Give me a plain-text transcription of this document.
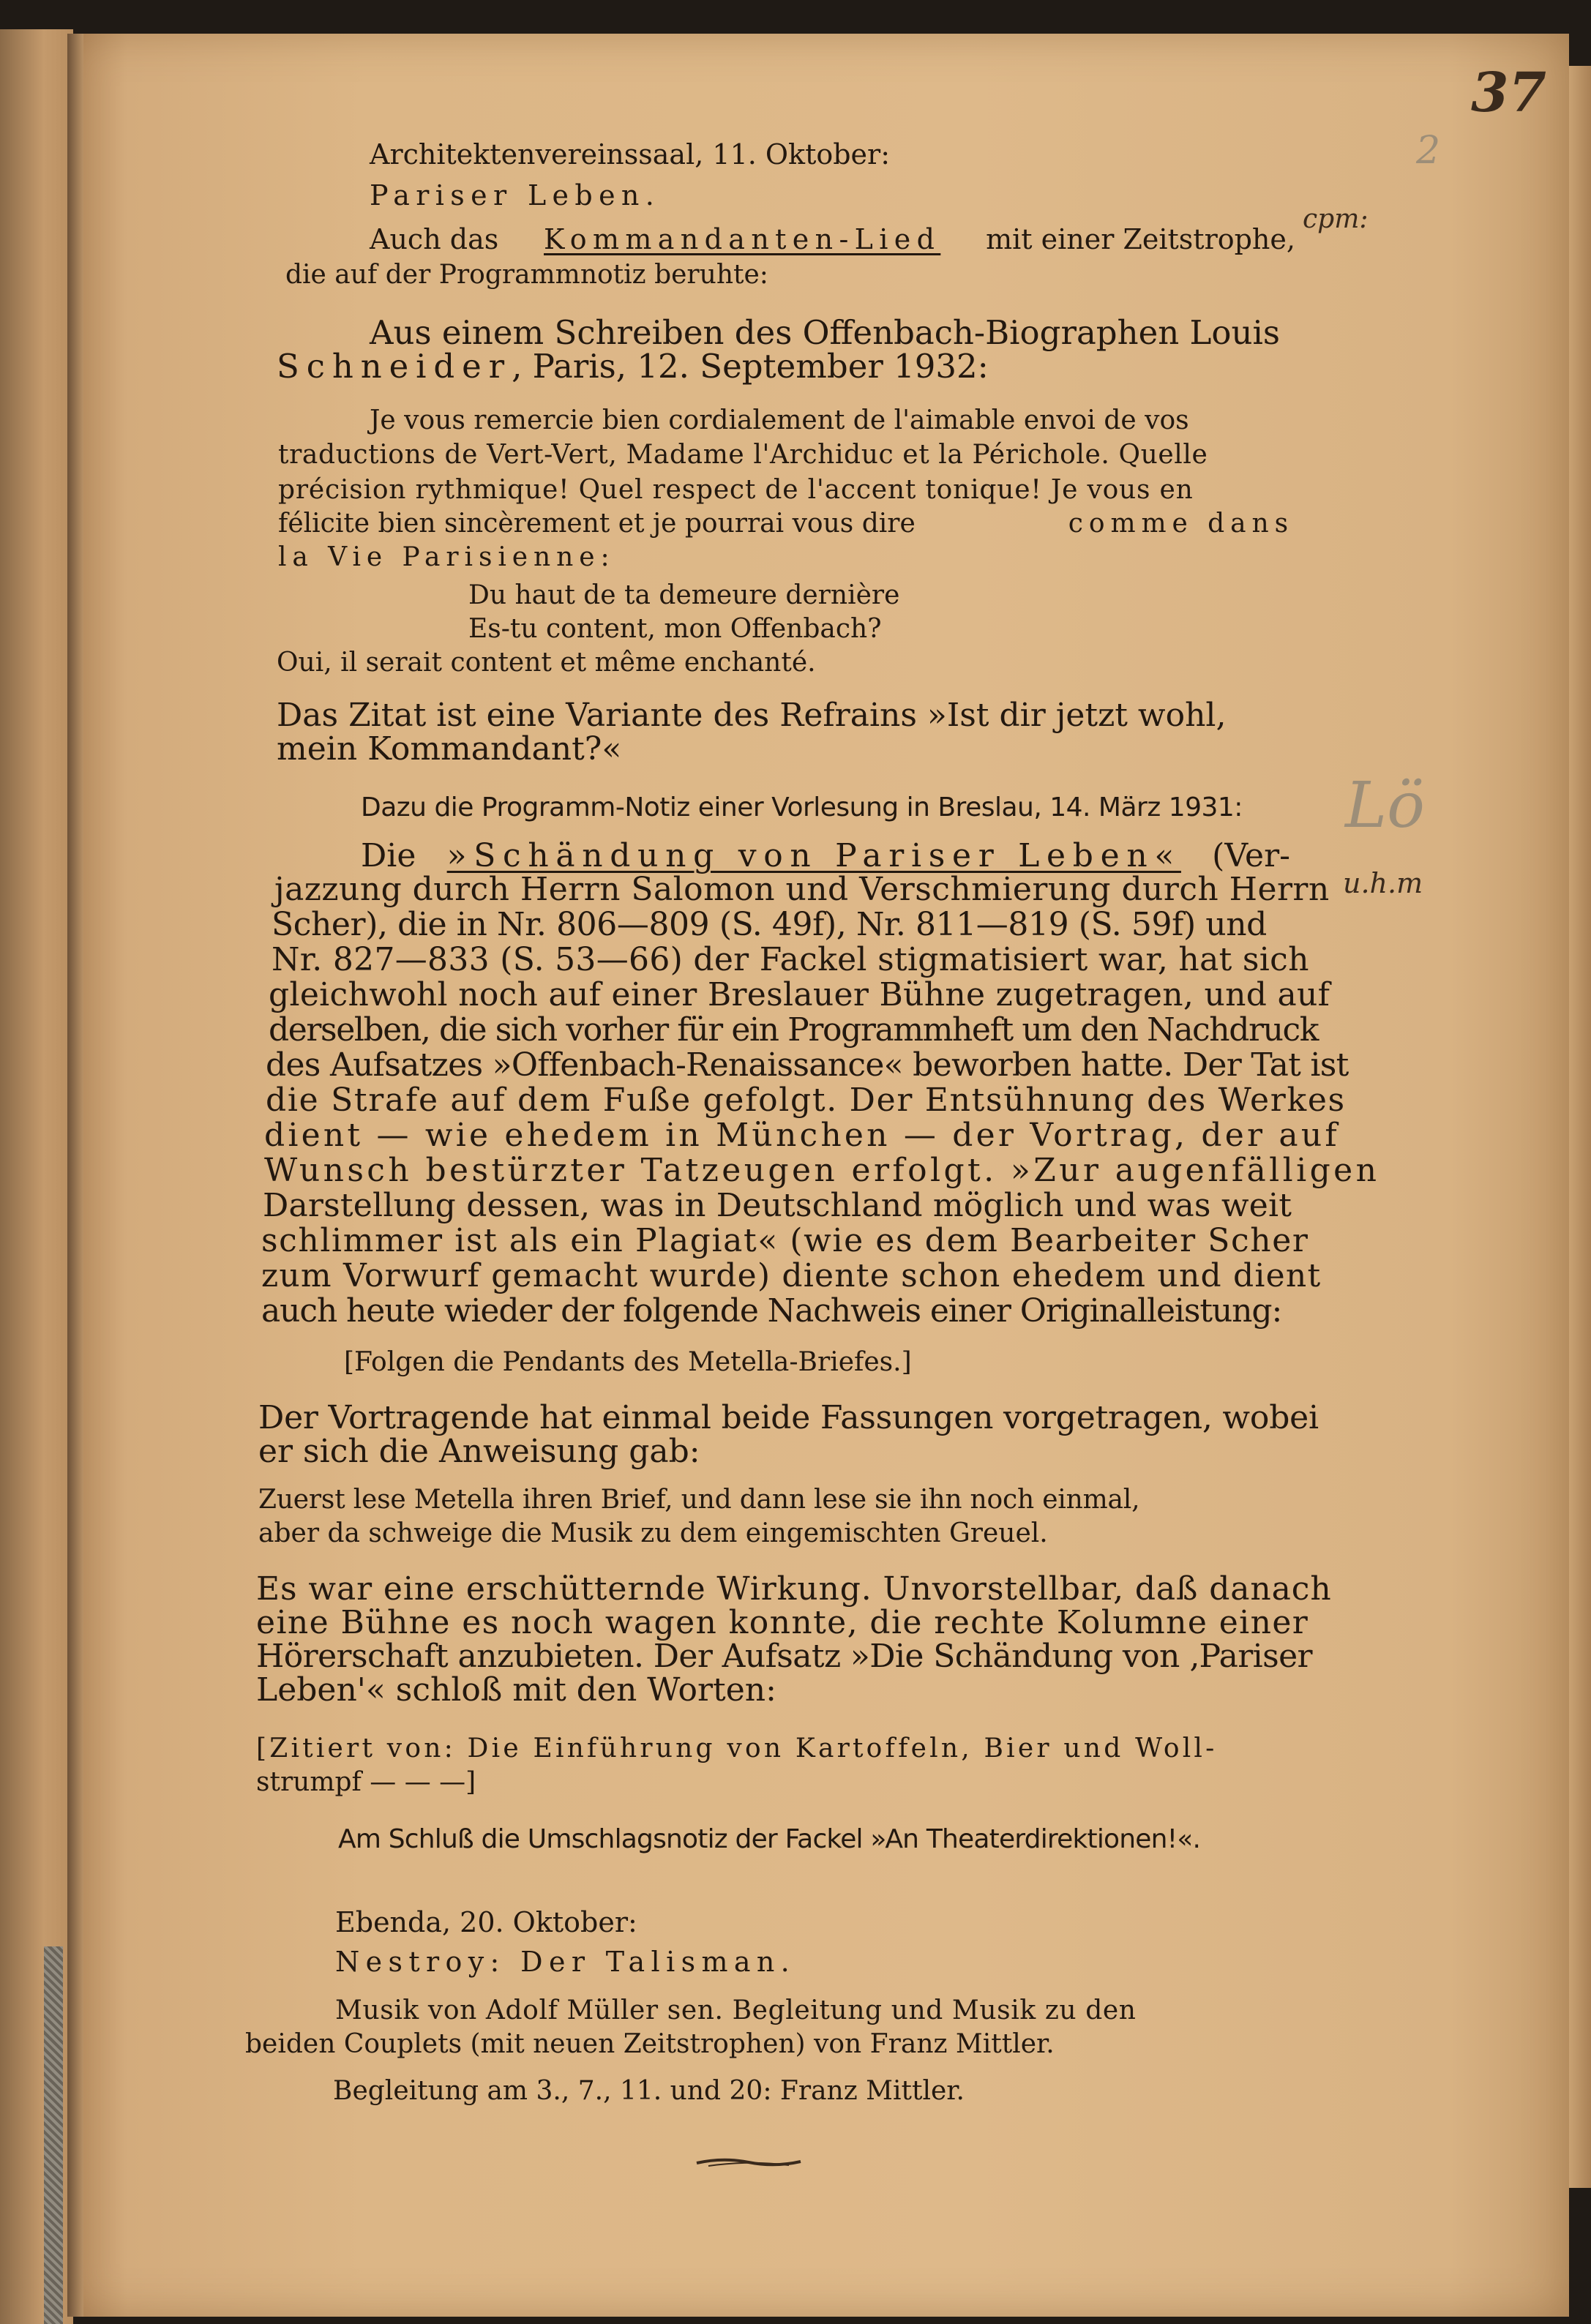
37
2
cpm:
Lö
u.h.m

Architektenvereinssaal, 11. Oktober:

Pariser Leben.

Auch das Kommandanten-Lied mit einer Zeitstrophe,

die auf der Programmnotiz beruhte:

Aus einem Schreiben des Offenbach-Biographen Louis

Schneider, Paris, 12. September 1932:

Je vous remercie bien cordialement de l'aimable envoi de vos

traductions de Vert-Vert, Madame l'Archiduc et la Périchole. Quelle

précision rythmique! Quel respect de l'accent tonique! Je vous en

félicite bien sincèrement et je pourrai vous dire	comme dans

la Vie Parisienne:

Du haut de ta demeure dernière

Es-tu content, mon Offenbach?

Oui, il serait content et même enchanté.

Das Zitat ist eine Variante des Refrains »Ist dir jetzt wohl,

mein Kommandant?«

Dazu die Programm-Notiz einer Vorlesung in Breslau, 14. März 1931:

Die »Schändung von Pariser Leben« (Ver-

jazzung durch Herrn Salomon und Verschmierung durch Herrn

Scher), die in Nr. 806—809 (S. 49f), Nr. 811—819 (S. 59f) und

Nr. 827—833 (S. 53—66) der Fackel stigmatisiert war, hat sich

gleichwohl noch auf einer Breslauer Bühne zugetragen, und auf

derselben, die sich vorher für ein Programmheft um den Nachdruck

des Aufsatzes »Offenbach-Renaissance« beworben hatte. Der Tat ist

die Strafe auf dem Fuße gefolgt. Der Entsühnung des Werkes

dient — wie ehedem in München — der Vortrag, der auf

Wunsch bestürzter Tatzeugen erfolgt. »Zur augenfälligen

Darstellung dessen, was in Deutschland möglich und was weit

schlimmer ist als ein Plagiat« (wie es dem Bearbeiter Scher

zum Vorwurf gemacht wurde) diente schon ehedem und dient

auch heute wieder der folgende Nachweis einer Originalleistung:

[Folgen die Pendants des Metella-Briefes.]

Der Vortragende hat einmal beide Fassungen vorgetragen, wobei

er sich die Anweisung gab:

Zuerst lese Metella ihren Brief, und dann lese sie ihn noch einmal,

aber da schweige die Musik zu dem eingemischten Greuel.

Es war eine erschütternde Wirkung. Unvorstellbar, daß danach

eine Bühne es noch wagen konnte, die rechte Kolumne einer

Hörerschaft anzubieten. Der Aufsatz »Die Schändung von ‚Pariser

Leben'« schloß mit den Worten:

[Zitiert von: Die Einführung von Kartoffeln, Bier und Woll-

strumpf — — —]

Am Schluß die Umschlagsnotiz der Fackel »An Theaterdirektionen!«.

Ebenda, 20. Oktober:

Nestroy: Der Talisman.

Musik von Adolf Müller sen. Begleitung und Musik zu den

beiden Couplets (mit neuen Zeitstrophen) von Franz Mittler.

Begleitung am 3., 7., 11. und 20: Franz Mittler.
